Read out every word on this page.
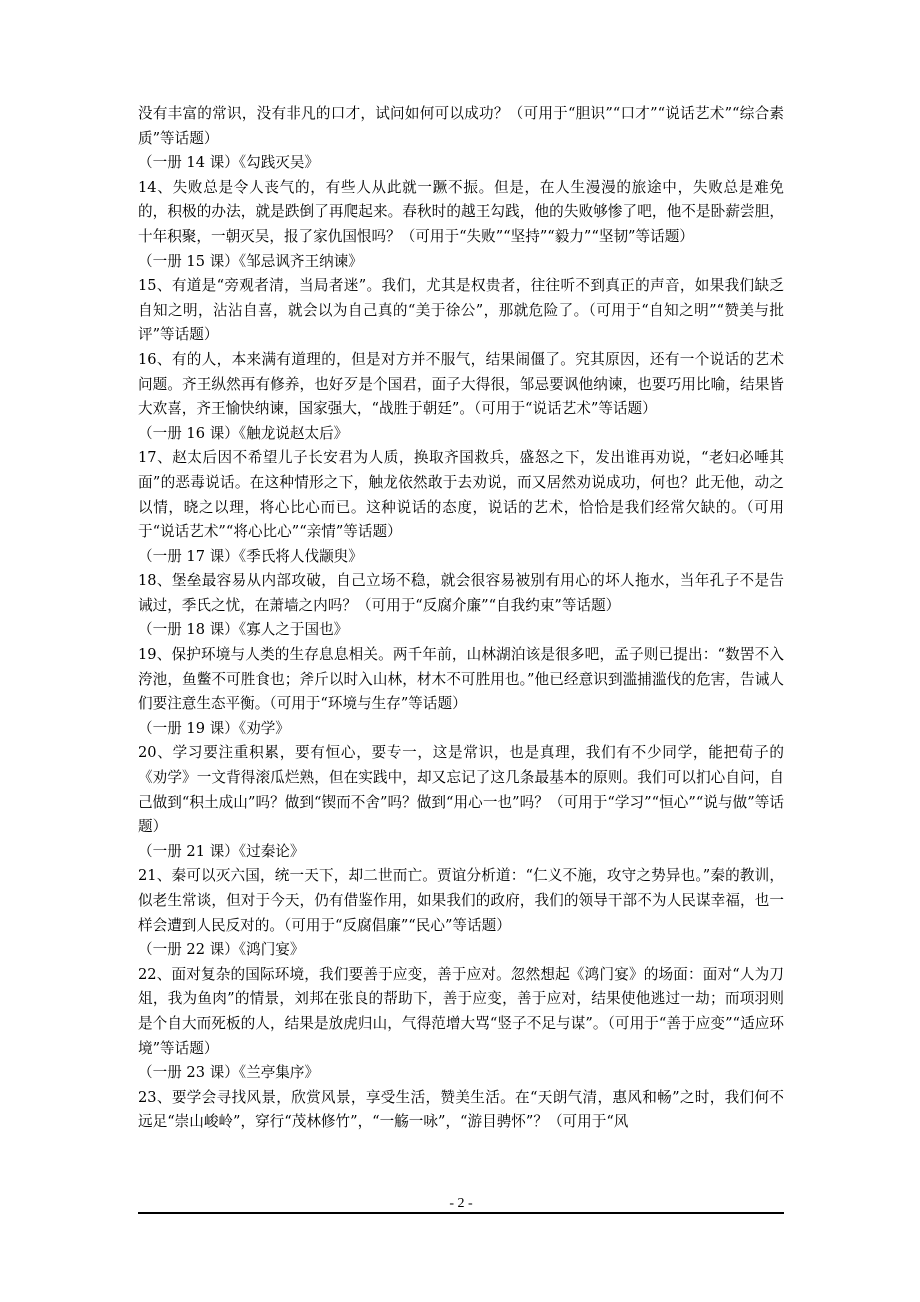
没有丰富的常识，没有非凡的口才，试问如何可以成功？（可用于“胆识”“口才”“说话艺术”“综合素质”等话题）

（一册 14 课）《勾践灭吴》

14、失败总是令人丧气的，有些人从此就一蹶不振。但是，在人生漫漫的旅途中，失败总是难免的，积极的办法，就是跌倒了再爬起来。春秋时的越王勾践，他的失败够惨了吧，他不是卧薪尝胆，十年积聚，一朝灭吴，报了家仇国恨吗？（可用于“失败”“坚持”“毅力”“坚韧”等话题）

（一册 15 课）《邹忌讽齐王纳谏》

15、有道是“旁观者清，当局者迷”。我们，尤其是权贵者，往往听不到真正的声音，如果我们缺乏自知之明，沾沾自喜，就会以为自己真的“美于徐公”，那就危险了。（可用于“自知之明”“赞美与批评”等话题）

16、有的人，本来满有道理的，但是对方并不服气，结果闹僵了。究其原因，还有一个说话的艺术问题。齐王纵然再有修养，也好歹是个国君，面子大得很，邹忌要讽他纳谏，也要巧用比喻，结果皆大欢喜，齐王愉快纳谏，国家强大，“战胜于朝廷”。（可用于“说话艺术”等话题）

（一册 16 课）《触龙说赵太后》

17、赵太后因不希望儿子长安君为人质，换取齐国救兵，盛怒之下，发出谁再劝说，“老妇必唾其面”的恶毒说话。在这种情形之下，触龙依然敢于去劝说，而又居然劝说成功，何也？此无他，动之以情，晓之以理，将心比心而已。这种说话的态度，说话的艺术，恰恰是我们经常欠缺的。（可用于“说话艺术”“将心比心”“亲情”等话题）

（一册 17 课）《季氏将人伐颛臾》

18、堡垒最容易从内部攻破，自己立场不稳，就会很容易被别有用心的坏人拖水，当年孔子不是告诫过，季氏之忧，在萧墙之内吗？（可用于“反腐介廉”“自我约束”等话题）

（一册 18 课）《寡人之于国也》

19、保护环境与人类的生存息息相关。两千年前，山林湖泊该是很多吧，孟子则已提出：“数罟不入洿池，鱼鳖不可胜食也；斧斤以时入山林，材木不可胜用也。”他已经意识到滥捕滥伐的危害，告诫人们要注意生态平衡。（可用于“环境与生存”等话题）

（一册 19 课）《劝学》

20、学习要注重积累，要有恒心，要专一，这是常识，也是真理，我们有不少同学，能把荀子的《劝学》一文背得滚瓜烂熟，但在实践中，却又忘记了这几条最基本的原则。我们可以扪心自问，自己做到“积土成山”吗？做到“锲而不舍”吗？做到“用心一也”吗？（可用于“学习”“恒心”“说与做”等话题）

（一册 21 课）《过秦论》

21、秦可以灭六国，统一天下，却二世而亡。贾谊分析道：“仁义不施，攻守之势异也。”秦的教训，似老生常谈，但对于今天，仍有借鉴作用，如果我们的政府，我们的领导干部不为人民谋幸福，也一样会遭到人民反对的。（可用于“反腐倡廉”“民心”等话题）

（一册 22 课）《鸿门宴》

22、面对复杂的国际环境，我们要善于应变，善于应对。忽然想起《鸿门宴》的场面：面对“人为刀俎，我为鱼肉”的情景，刘邦在张良的帮助下，善于应变，善于应对，结果使他逃过一劫；而项羽则是个自大而死板的人，结果是放虎归山，气得范增大骂“竖子不足与谋”。（可用于“善于应变”“适应环境”等话题）

（一册 23 课）《兰亭集序》

23、要学会寻找风景，欣赏风景，享受生活，赞美生活。在“天朗气清，惠风和畅”之时，我们何不远足“崇山峻岭”，穿行“茂林修竹”，“一觞一咏”，“游目骋怀”？（可用于“风

- 2 -
